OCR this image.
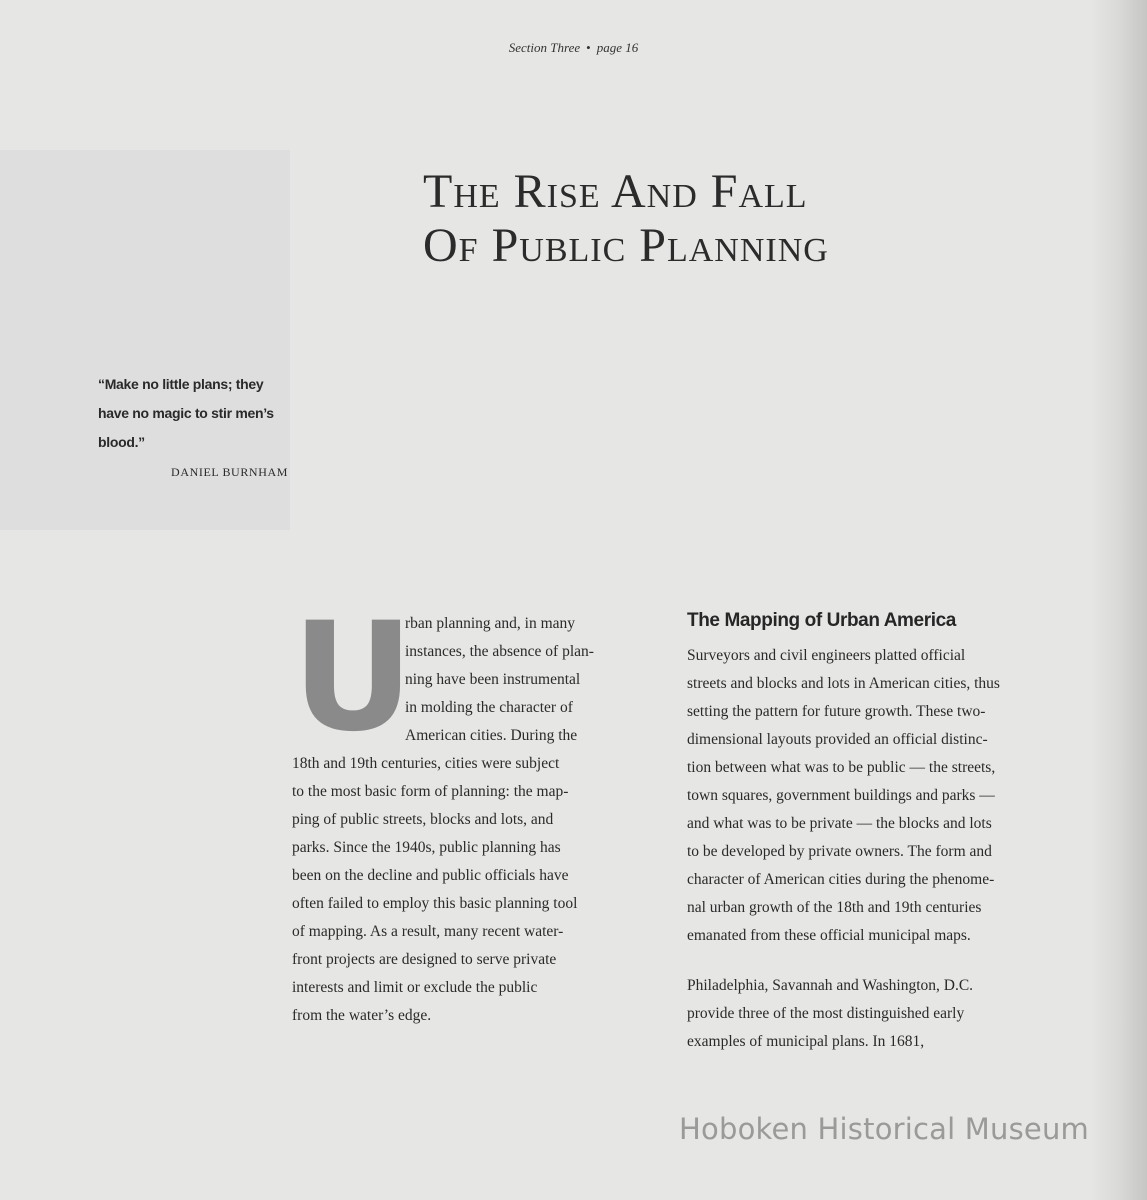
Section Three • page 16
The Rise And Fall
Of Public Planning
“Make no little plans; they
have no magic to stir men’s
blood.”
DANIEL BURNHAM
U
rban planning and, in many
instances, the absence of plan-
ning have been instrumental
in molding the character of
American cities. During the
18th and 19th centuries, cities were subject
to the most basic form of planning: the map-
ping of public streets, blocks and lots, and
parks. Since the 1940s, public planning has
been on the decline and public officials have
often failed to employ this basic planning tool
of mapping. As a result, many recent water-
front projects are designed to serve private
interests and limit or exclude the public
from the water’s edge.
The Mapping of Urban America
Surveyors and civil engineers platted official
streets and blocks and lots in American cities, thus
setting the pattern for future growth. These two-
dimensional layouts provided an official distinc-
tion between what was to be public — the streets,
town squares, government buildings and parks —
and what was to be private — the blocks and lots
to be developed by private owners. The form and
character of American cities during the phenome-
nal urban growth of the 18th and 19th centuries
emanated from these official municipal maps.
Philadelphia, Savannah and Washington, D.C.
provide three of the most distinguished early
examples of municipal plans. In 1681,
Hoboken Historical Museum
